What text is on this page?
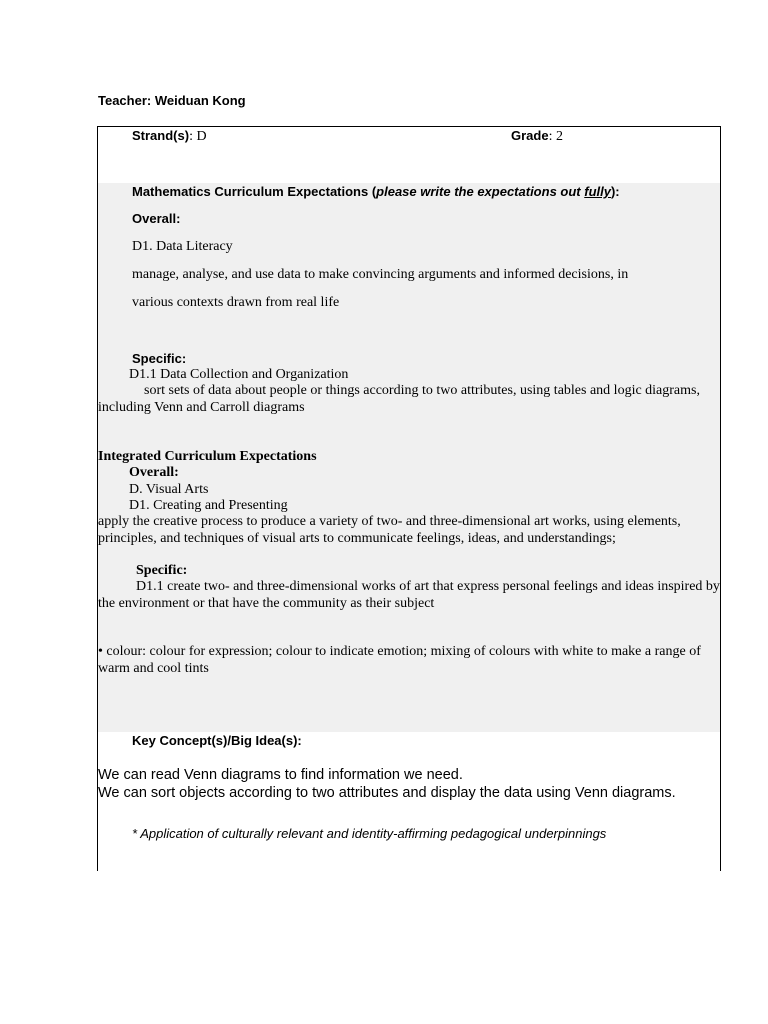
Teacher: Weiduan Kong
Strand(s): D	Grade: 2
Mathematics Curriculum Expectations (please write the expectations out fully):
Overall:
D1. Data Literacy
manage, analyse, and use data to make convincing arguments and informed decisions, in
various contexts drawn from real life
Specific:
D1.1 Data Collection and Organization
sort sets of data about people or things according to two attributes, using tables and logic diagrams,
including Venn and Carroll diagrams
Integrated Curriculum Expectations
Overall:
D. Visual Arts
D1. Creating and Presenting
apply the creative process to produce a variety of two- and three-dimensional art works, using elements,
principles, and techniques of visual arts to communicate feelings, ideas, and understandings;
Specific:
D1.1 create two- and three-dimensional works of art that express personal feelings and ideas inspired by
the environment or that have the community as their subject
• colour: colour for expression; colour to indicate emotion; mixing of colours with white to make a range of
warm and cool tints
Key Concept(s)/Big Idea(s):
We can read Venn diagrams to find information we need.
We can sort objects according to two attributes and display the data using Venn diagrams.
* Application of culturally relevant and identity-affirming pedagogical underpinnings
